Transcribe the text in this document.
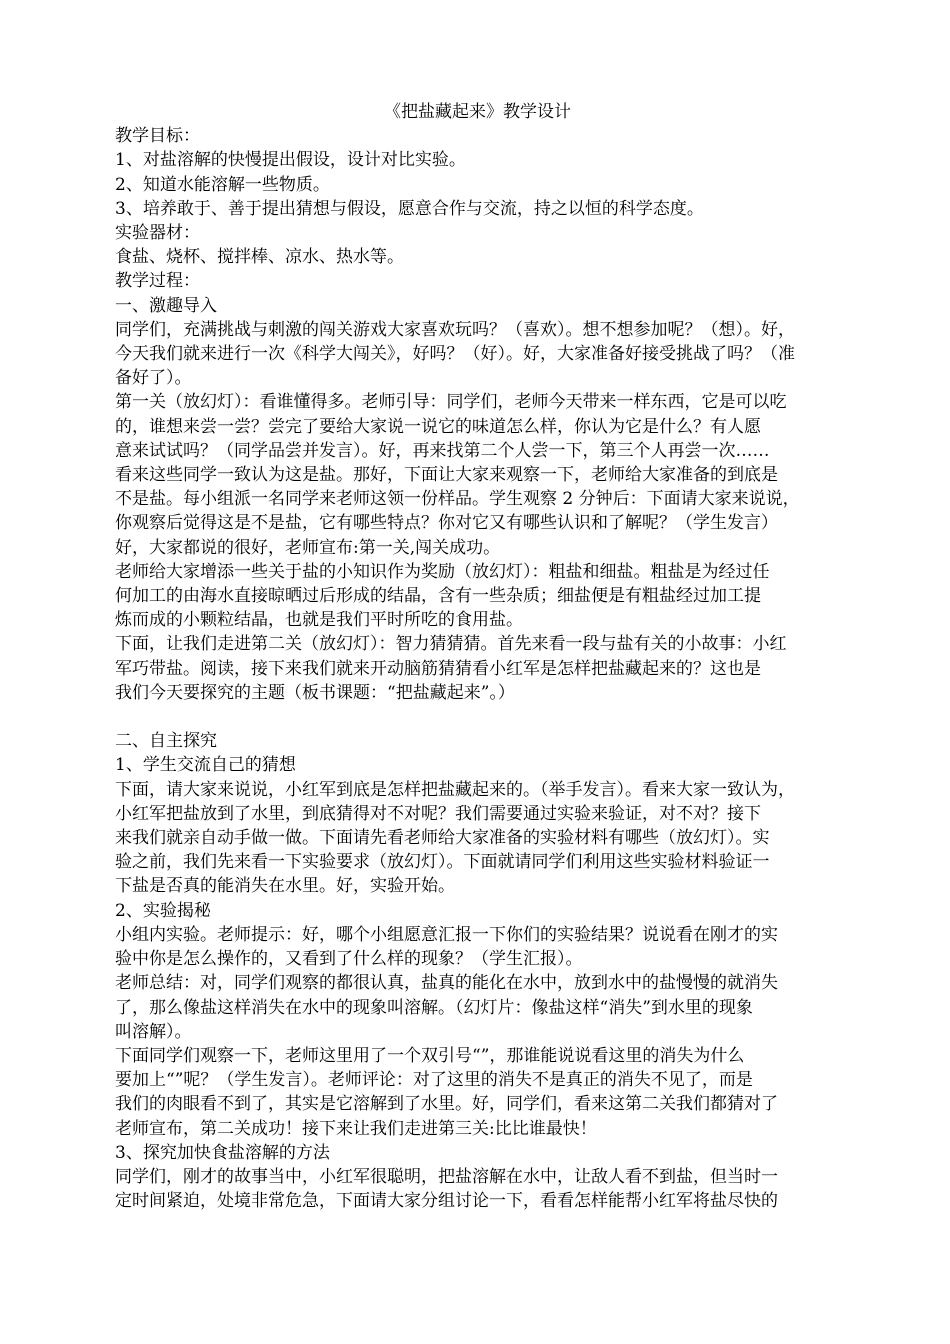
《把盐藏起来》教学设计
教学目标：
1、对盐溶解的快慢提出假设，设计对比实验。
2、知道水能溶解一些物质。
3、培养敢于、善于提出猜想与假设，愿意合作与交流，持之以恒的科学态度。
实验器材：
食盐、烧杯、搅拌棒、凉水、热水等。
教学过程：
一、激趣导入
同学们，充满挑战与刺激的闯关游戏大家喜欢玩吗？（喜欢）。想不想参加呢？（想）。好，
今天我们就来进行一次《科学大闯关》，好吗？（好）。好，大家准备好接受挑战了吗？（准
备好了）。
第一关（放幻灯）：看谁懂得多。老师引导：同学们，老师今天带来一样东西，它是可以吃
的，谁想来尝一尝？尝完了要给大家说一说它的味道怎么样，你认为它是什么？有人愿
意来试试吗？（同学品尝并发言）。好，再来找第二个人尝一下，第三个人再尝一次……
看来这些同学一致认为这是盐。那好，下面让大家来观察一下，老师给大家准备的到底是
不是盐。每小组派一名同学来老师这领一份样品。学生观察 2 分钟后：下面请大家来说说，
你观察后觉得这是不是盐，它有哪些特点？你对它又有哪些认识和了解呢？（学生发言）
好，大家都说的很好，老师宣布:第一关,闯关成功。
老师给大家增添一些关于盐的小知识作为奖励（放幻灯）：粗盐和细盐。粗盐是为经过任
何加工的由海水直接晾晒过后形成的结晶，含有一些杂质；细盐便是有粗盐经过加工提
炼而成的小颗粒结晶，也就是我们平时所吃的食用盐。
下面，让我们走进第二关（放幻灯）：智力猜猜猜。首先来看一段与盐有关的小故事：小红
军巧带盐。阅读，接下来我们就来开动脑筋猜猜看小红军是怎样把盐藏起来的？这也是
我们今天要探究的主题（板书课题：“把盐藏起来”。）
二、自主探究
1、学生交流自己的猜想
下面，请大家来说说，小红军到底是怎样把盐藏起来的。（举手发言）。看来大家一致认为，
小红军把盐放到了水里，到底猜得对不对呢？我们需要通过实验来验证，对不对？接下
来我们就亲自动手做一做。下面请先看老师给大家准备的实验材料有哪些（放幻灯）。实
验之前，我们先来看一下实验要求（放幻灯）。下面就请同学们利用这些实验材料验证一
下盐是否真的能消失在水里。好，实验开始。
2、实验揭秘
小组内实验。老师提示：好，哪个小组愿意汇报一下你们的实验结果？说说看在刚才的实
验中你是怎么操作的，又看到了什么样的现象？（学生汇报）。
老师总结：对，同学们观察的都很认真，盐真的能化在水中，放到水中的盐慢慢的就消失
了，那么像盐这样消失在水中的现象叫溶解。（幻灯片：像盐这样“消失”到水里的现象
叫溶解）。
下面同学们观察一下，老师这里用了一个双引号“”，那谁能说说看这里的消失为什么
要加上“”呢？（学生发言）。老师评论：对了这里的消失不是真正的消失不见了，而是
我们的肉眼看不到了，其实是它溶解到了水里。好，同学们，看来这第二关我们都猜对了
老师宣布，第二关成功！接下来让我们走进第三关:比比谁最快！
3、探究加快食盐溶解的方法
同学们，刚才的故事当中，小红军很聪明，把盐溶解在水中，让敌人看不到盐，但当时一
定时间紧迫，处境非常危急，下面请大家分组讨论一下，看看怎样能帮小红军将盐尽快的
